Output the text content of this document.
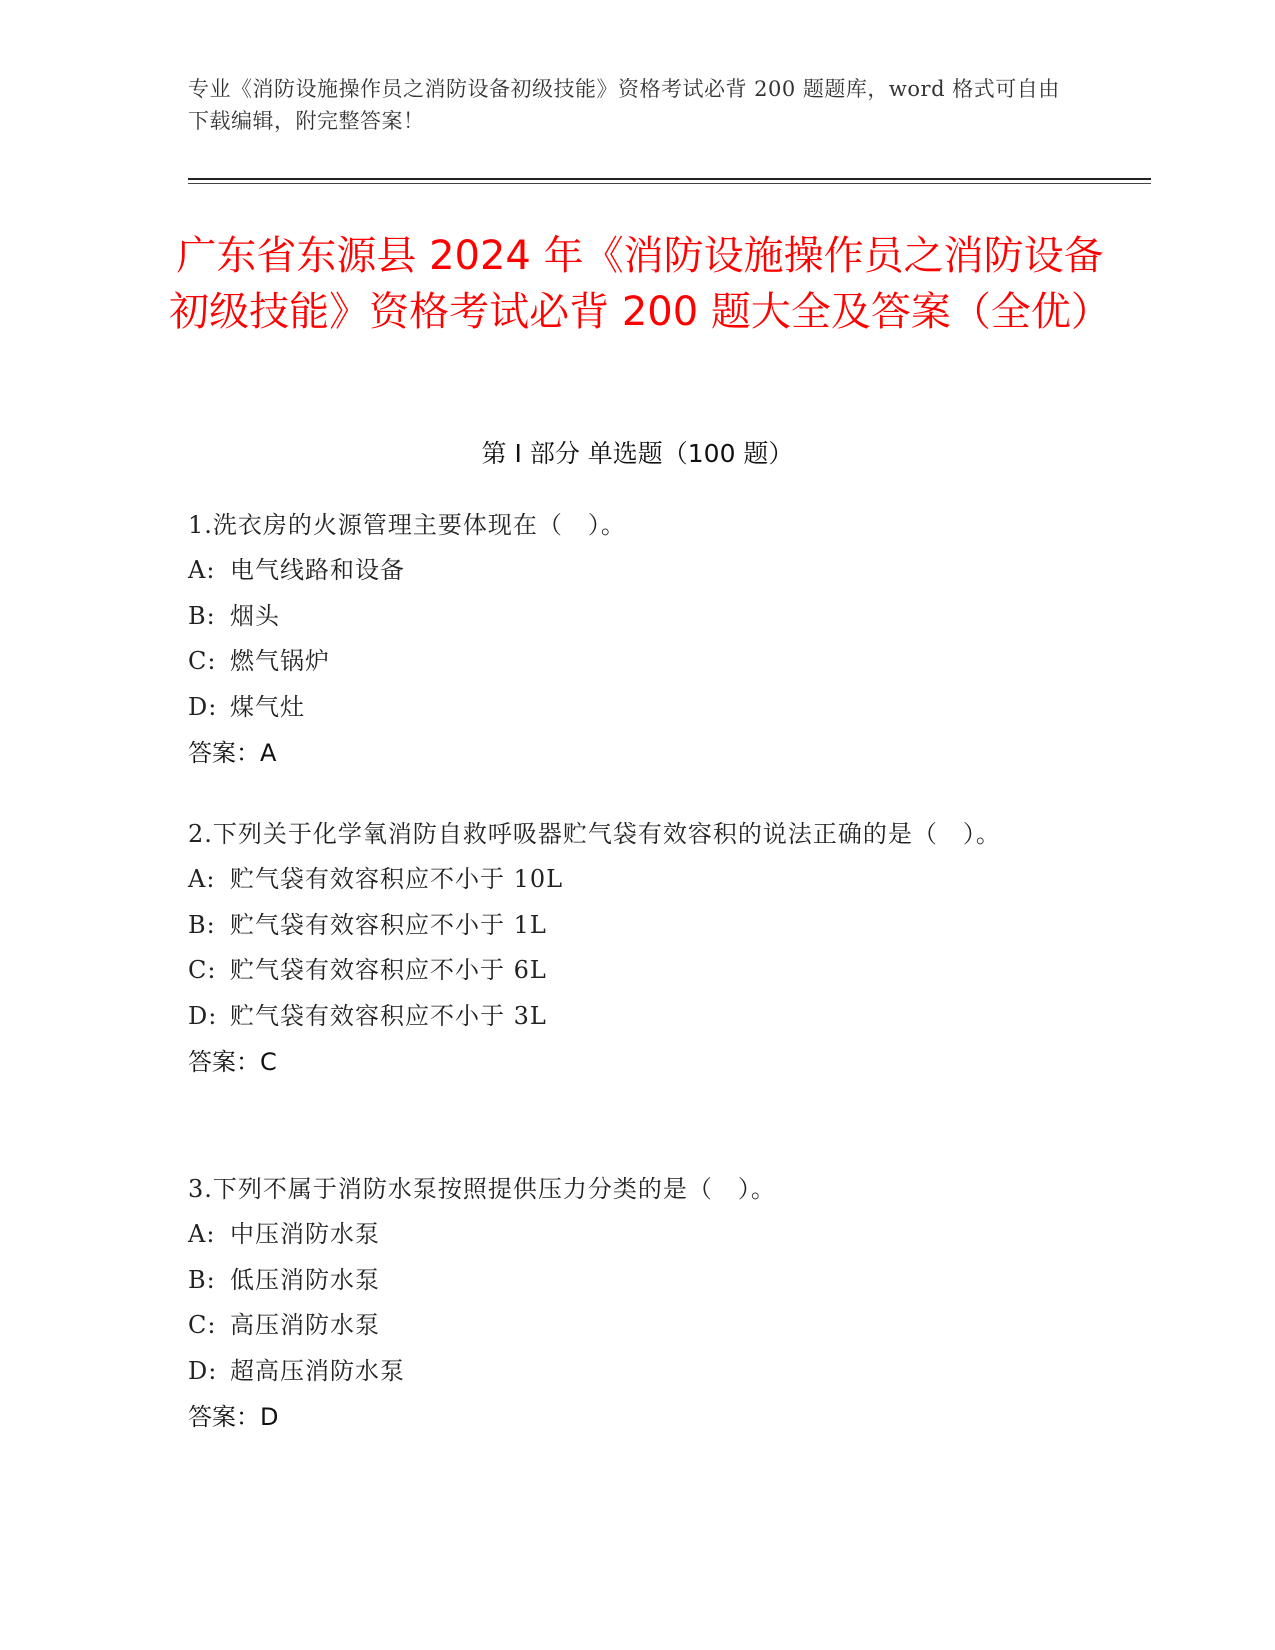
专业《消防设施操作员之消防设备初级技能》资格考试必背 200 题题库，word 格式可自由下载编辑，附完整答案！
广东省东源县 2024 年《消防设施操作员之消防设备初级技能》资格考试必背 200 题大全及答案（全优）
第 I 部分 单选题（100 题）
1.洗衣房的火源管理主要体现在（　）。
A: 电气线路和设备
B: 烟头
C: 燃气锅炉
D: 煤气灶
答案：A
2.下列关于化学氧消防自救呼吸器贮气袋有效容积的说法正确的是（　）。
A: 贮气袋有效容积应不小于 10L
B: 贮气袋有效容积应不小于 1L
C: 贮气袋有效容积应不小于 6L
D: 贮气袋有效容积应不小于 3L
答案：C
3.下列不属于消防水泵按照提供压力分类的是（　）。
A: 中压消防水泵
B: 低压消防水泵
C: 高压消防水泵
D: 超高压消防水泵
答案：D
